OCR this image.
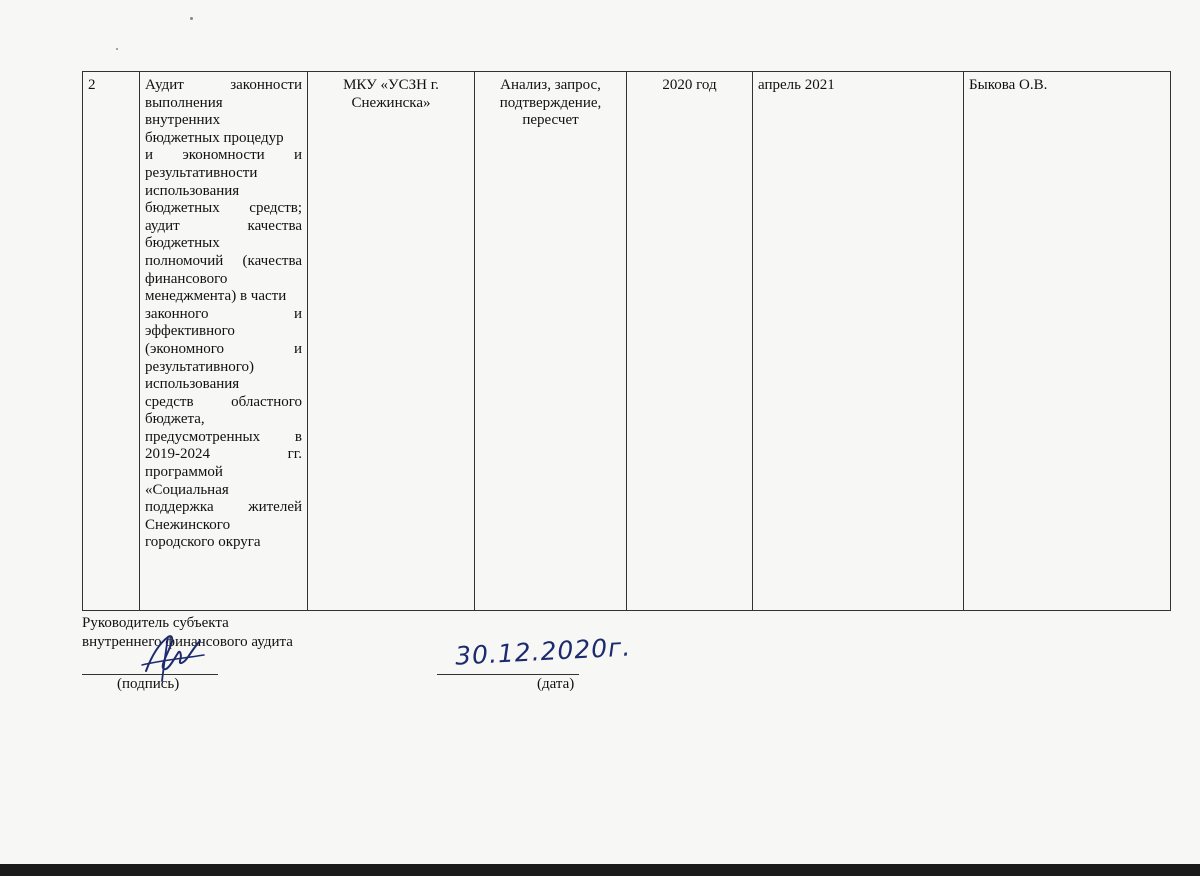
2	Аудит законности
выполнения
внутренних
бюджетных процедур
и экономности и
результативности
использования
бюджетных средств;
аудит качества
бюджетных
полномочий (качества
финансового
менеджмента) в части
законного и
эффективного
(экономного и
результативного)
использования
средств областного
бюджета,
предусмотренных в
2019-2024 гг.
программой
«Социальная
поддержка жителей
Снежинского
городского округа
	МКУ «УСЗН г. Снежинска»	Анализ, запрос, подтверждение, пересчет	2020 год	апрель 2021	Быкова О.В.
Руководитель субъекта
внутреннего финансового аудита
(подпись)
30.12.2020г.
(дата)
